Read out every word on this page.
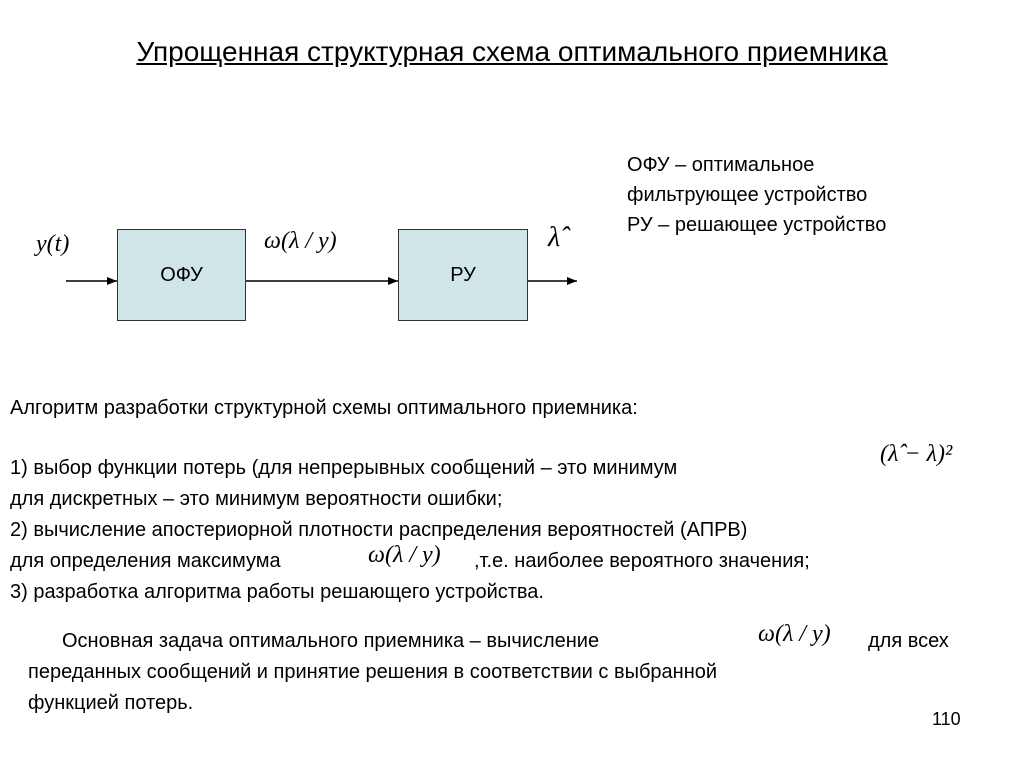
Упрощенная структурная схема оптимального приемника
y(t)
ОФУ
ω(λ / y)
РУ
λ̂
ОФУ – оптимальное
фильтрующее устройство
РУ – решающее устройство
Алгоритм разработки структурной схемы оптимального приемника:
1) выбор функции потерь (для непрерывных сообщений – это минимум
(λ̂ − λ)²
для дискретных – это минимум вероятности ошибки;
2) вычисление апостериорной плотности распределения вероятностей (АПРВ)
для определения максимума	ω(λ / y) ,т.е. наиболее вероятного значения;
3) разработка алгоритма работы решающего устройства.
Основная задача оптимального приемника – вычисление	ω(λ / y) для всех
переданных сообщений и принятие решения в соответствии с выбранной
функцией потерь.
110
